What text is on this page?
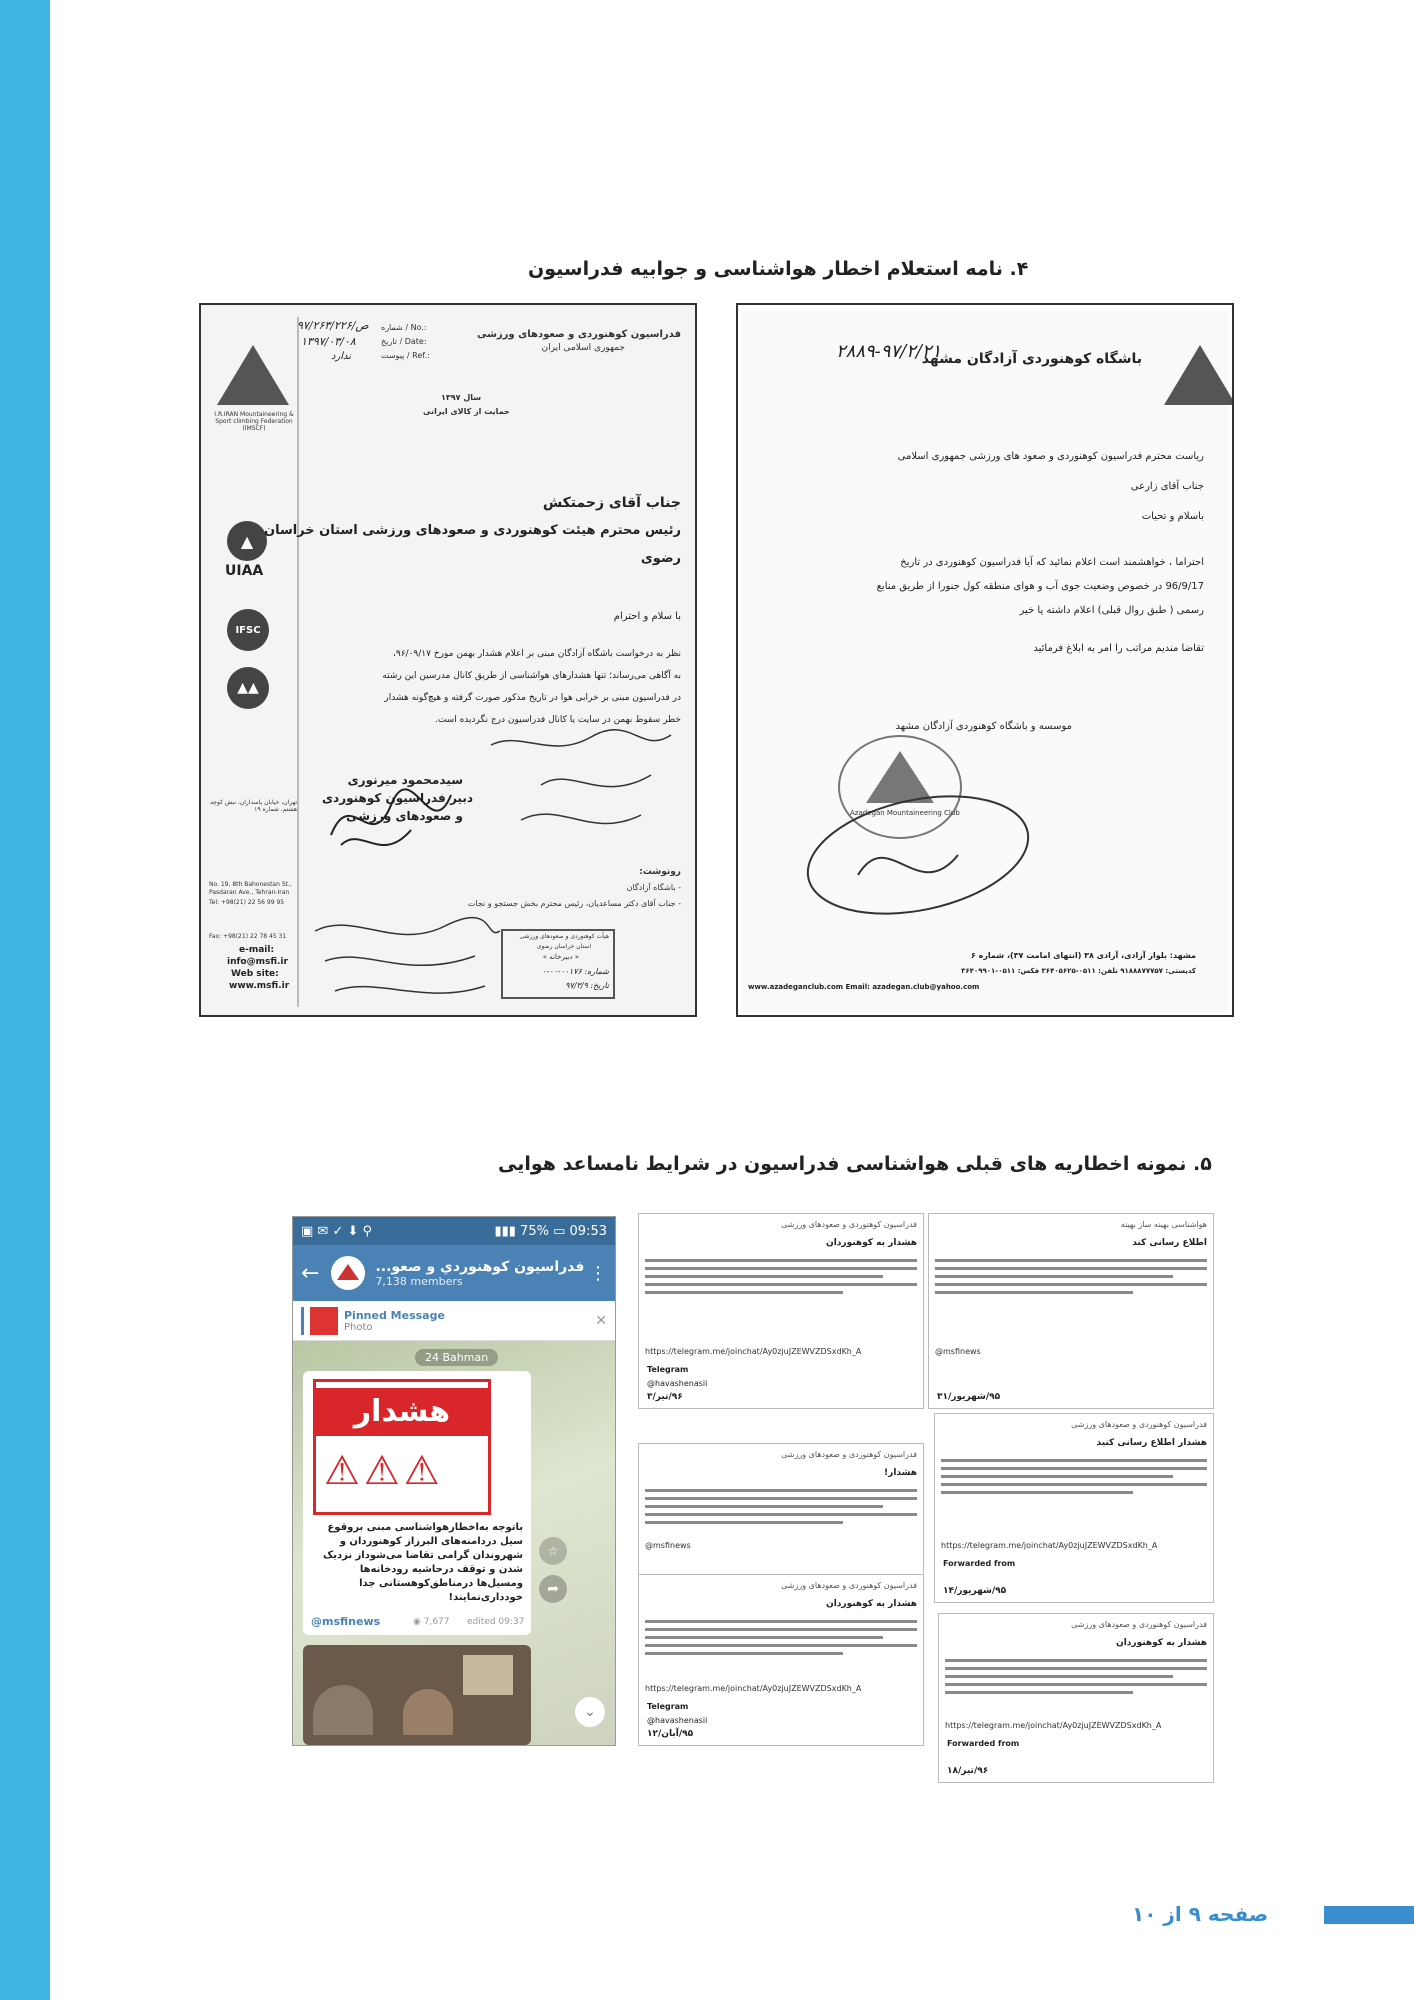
۴. نامه استعلام اخطار هواشناسی و جوابیه فدراسیون
I.R.IRAN Mountaineering & Sport climbing Federation (IMSCF)
▲
UIAA
IFSC
▲▲
تهران، خیابان پاسداران، نبش کوچه هشتم، شماره ۱۹
No. 19, 8th Bahonestan St.,
Pasdaran Ave., Tehran-Iran
Tel: +98(21) 22 56 99 95
Fax: +98(21) 22 78 45 31
e-mail:
info@msfi.ir
Web site:
www.msfi.ir
فدراسیون کوهنوردی و صعودهای ورزشی
جمهوری اسلامی ایران
شماره / No.:
۹۷/ص/۲۶۳/۲۲۶
تاریخ / Date:
۱۳۹۷/۰۳/۰۸
پیوست / Ref.:
ندارد
سال ۱۳۹۷
حمایت از کالای ایرانی
جناب آقای زحمتکش
رئیس محترم هیئت کوهنوردی و صعودهای ورزشی استان خراسان
رضوی
با سلام و احترام
نظر به درخواست باشگاه آزادگان مبنی بر اعلام هشدار بهمن مورخ ۹۶/۰۹/۱۷،
به آگاهی می‌رساند؛ تنها هشدارهای هواشناسی از طریق کانال مدرسین این رشته
در فدراسیون مبنی بر خرابی هوا در تاریخ مذکور صورت گرفته و هیچ‌گونه هشدار
خطر سقوط بهمن در سایت یا کانال فدراسیون درج نگردیده است.
سیدمحمود میرنوری
دبیر فدراسیون کوهنوردی
و صعودهای ورزشی
رونوشت:
- باشگاه آزادگان
- جناب آقای دکتر مساعدیان، رئیس محترم بخش جستجو و نجات
هیأت کوهنوردی و صعودهای ورزشی
استان خراسان رضوی
« دبیرخانه »
شماره: ۰۰۱۷۶-۰۰-۰
تاریخ: ۹۷/۳/۹
۲۸۸۹-۹۷/۲/۲۱
باشگاه کوهنوردی آزادگان مشهد
ریاست محترم فدراسیون کوهنوردی و صعود های ورزشی جمهوری اسلامی
جناب آقای زارعی
باسلام و تحیات
احتراما ، خواهشمند است اعلام نمائید که آیا فدراسیون کوهنوردی در تاریخ
96/9/17 در خصوص وضعیت جوی آب و هوای منطقه کول جنورا از طریق منابع
رسمی ( طبق روال قبلی) اعلام داشته یا خیر
تقاضا مندیم مراتب را امر به ابلاغ فرمائید
موسسه و باشگاه کوهنوردی آزادگان مشهد
Azadegan Mountaineering Club
مشهد: بلوار آزادی، آزادی ۳۸ (انتهای امامت ۳۷)، شماره ۶
کدپستی: ۹۱۸۸۸۷۷۷۵۷ تلفن: ۰۵۱۱-۳۶۴۰۵۶۲۵ فکس: ۰۵۱۱-۳۶۴۰۹۹۰۱
www.azadeganclub.com Email: azadegan.club@yahoo.com
۵. نمونه اخطاریه های قبلی هواشناسی فدراسیون در شرایط نامساعد هوایی
▣ ✉ ✓ ⬇ ⚲	▮▮▮ 75% ▭ 09:53
←	فدراسیون کوهنوردي و صعو...
7,138 members	⋮
Pinned Message
Photo	✕
24 Bahman
هشدار
⚠⚠⚠
باتوجه به‌اخطارهواشناسی مبنی بروقوع سیل دردامنه‌های البرز‌از کوهنوردان و شهروندان گرامی تقاضا می‌شود‌از نزدیک شدن و توقف درحاشیه رودخانه‌ها ومسیل‌ها درمناطق‌کوهستانی جدا خودداری‌نمایند!
@msfinews	◉ 7,677 edited 09:37
➦
☆
⌄
فدراسیون کوهنوردی و صعودهای ورزشی
هشدار به کوهنوردان
https://telegram.me/joinchat/Ay0zjuJZEWVZDSxdKh_A
Telegram
@havashenasii
۹۶/تیر/۳
فدراسیون کوهنوردی و صعودهای ورزشی
هشدار!
@msfinews
فدراسیون کوهنوردی و صعودهای ورزشی
هشدار به کوهنوردان
https://telegram.me/joinchat/Ay0zjuJZEWVZDSxdKh_A
Telegram
@havashenasii
۹۵/آبان/۱۲
هواشناسی بهینه ساز بهینه
اطلاع رسانی کند
@msfinews
۹۵/شهریور/۳۱
فدراسیون کوهنوردی و صعودهای ورزشی
هشدار اطلاع رسانی کنید
https://telegram.me/joinchat/Ay0zjuJZEWVZDSxdKh_A
Forwarded from
۹۵/شهریور/۱۴
فدراسیون کوهنوردی و صعودهای ورزشی
هشدار به کوهنوردان
https://telegram.me/joinchat/Ay0zjuJZEWVZDSxdKh_A
Forwarded from
۹۶/تیر/۱۸
صفحه ۹ از ۱۰
